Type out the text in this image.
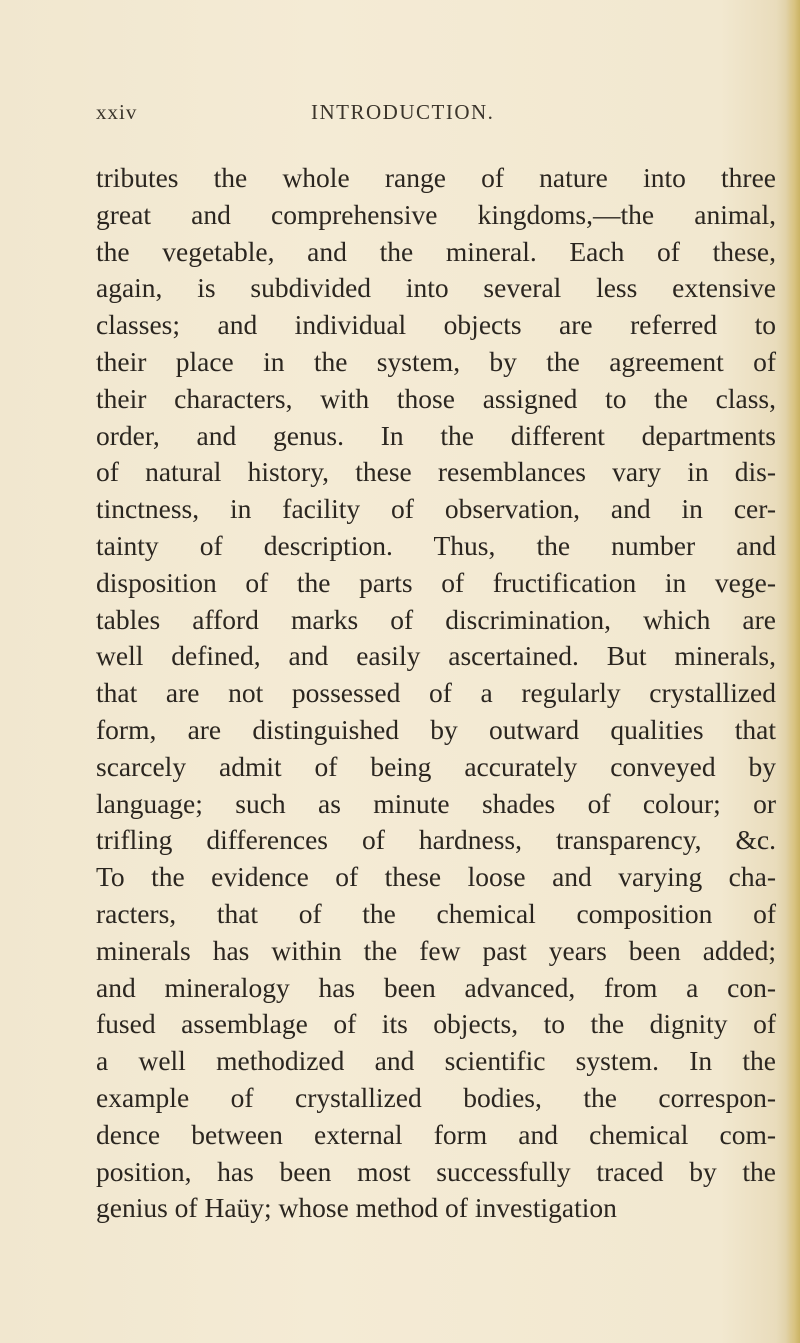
xxiv	INTRODUCTION.
tributes the whole range of nature into three
great and comprehensive kingdoms,—the animal,
the vegetable, and the mineral. Each of these,
again, is subdivided into several less extensive
classes; and individual objects are referred to
their place in the system, by the agreement of
their characters, with those assigned to the class,
order, and genus. In the different departments
of natural history, these resemblances vary in dis-
tinctness, in facility of observation, and in cer-
tainty of description. Thus, the number and
disposition of the parts of fructification in vege-
tables afford marks of discrimination, which are
well defined, and easily ascertained. But minerals,
that are not possessed of a regularly crystallized
form, are distinguished by outward qualities that
scarcely admit of being accurately conveyed by
language; such as minute shades of colour; or
trifling differences of hardness, transparency, &c.
To the evidence of these loose and varying cha-
racters, that of the chemical composition of
minerals has within the few past years been added;
and mineralogy has been advanced, from a con-
fused assemblage of its objects, to the dignity of
a well methodized and scientific system. In the
example of crystallized bodies, the correspon-
dence between external form and chemical com-
position, has been most successfully traced by the
genius of Haüy; whose method of investigation
